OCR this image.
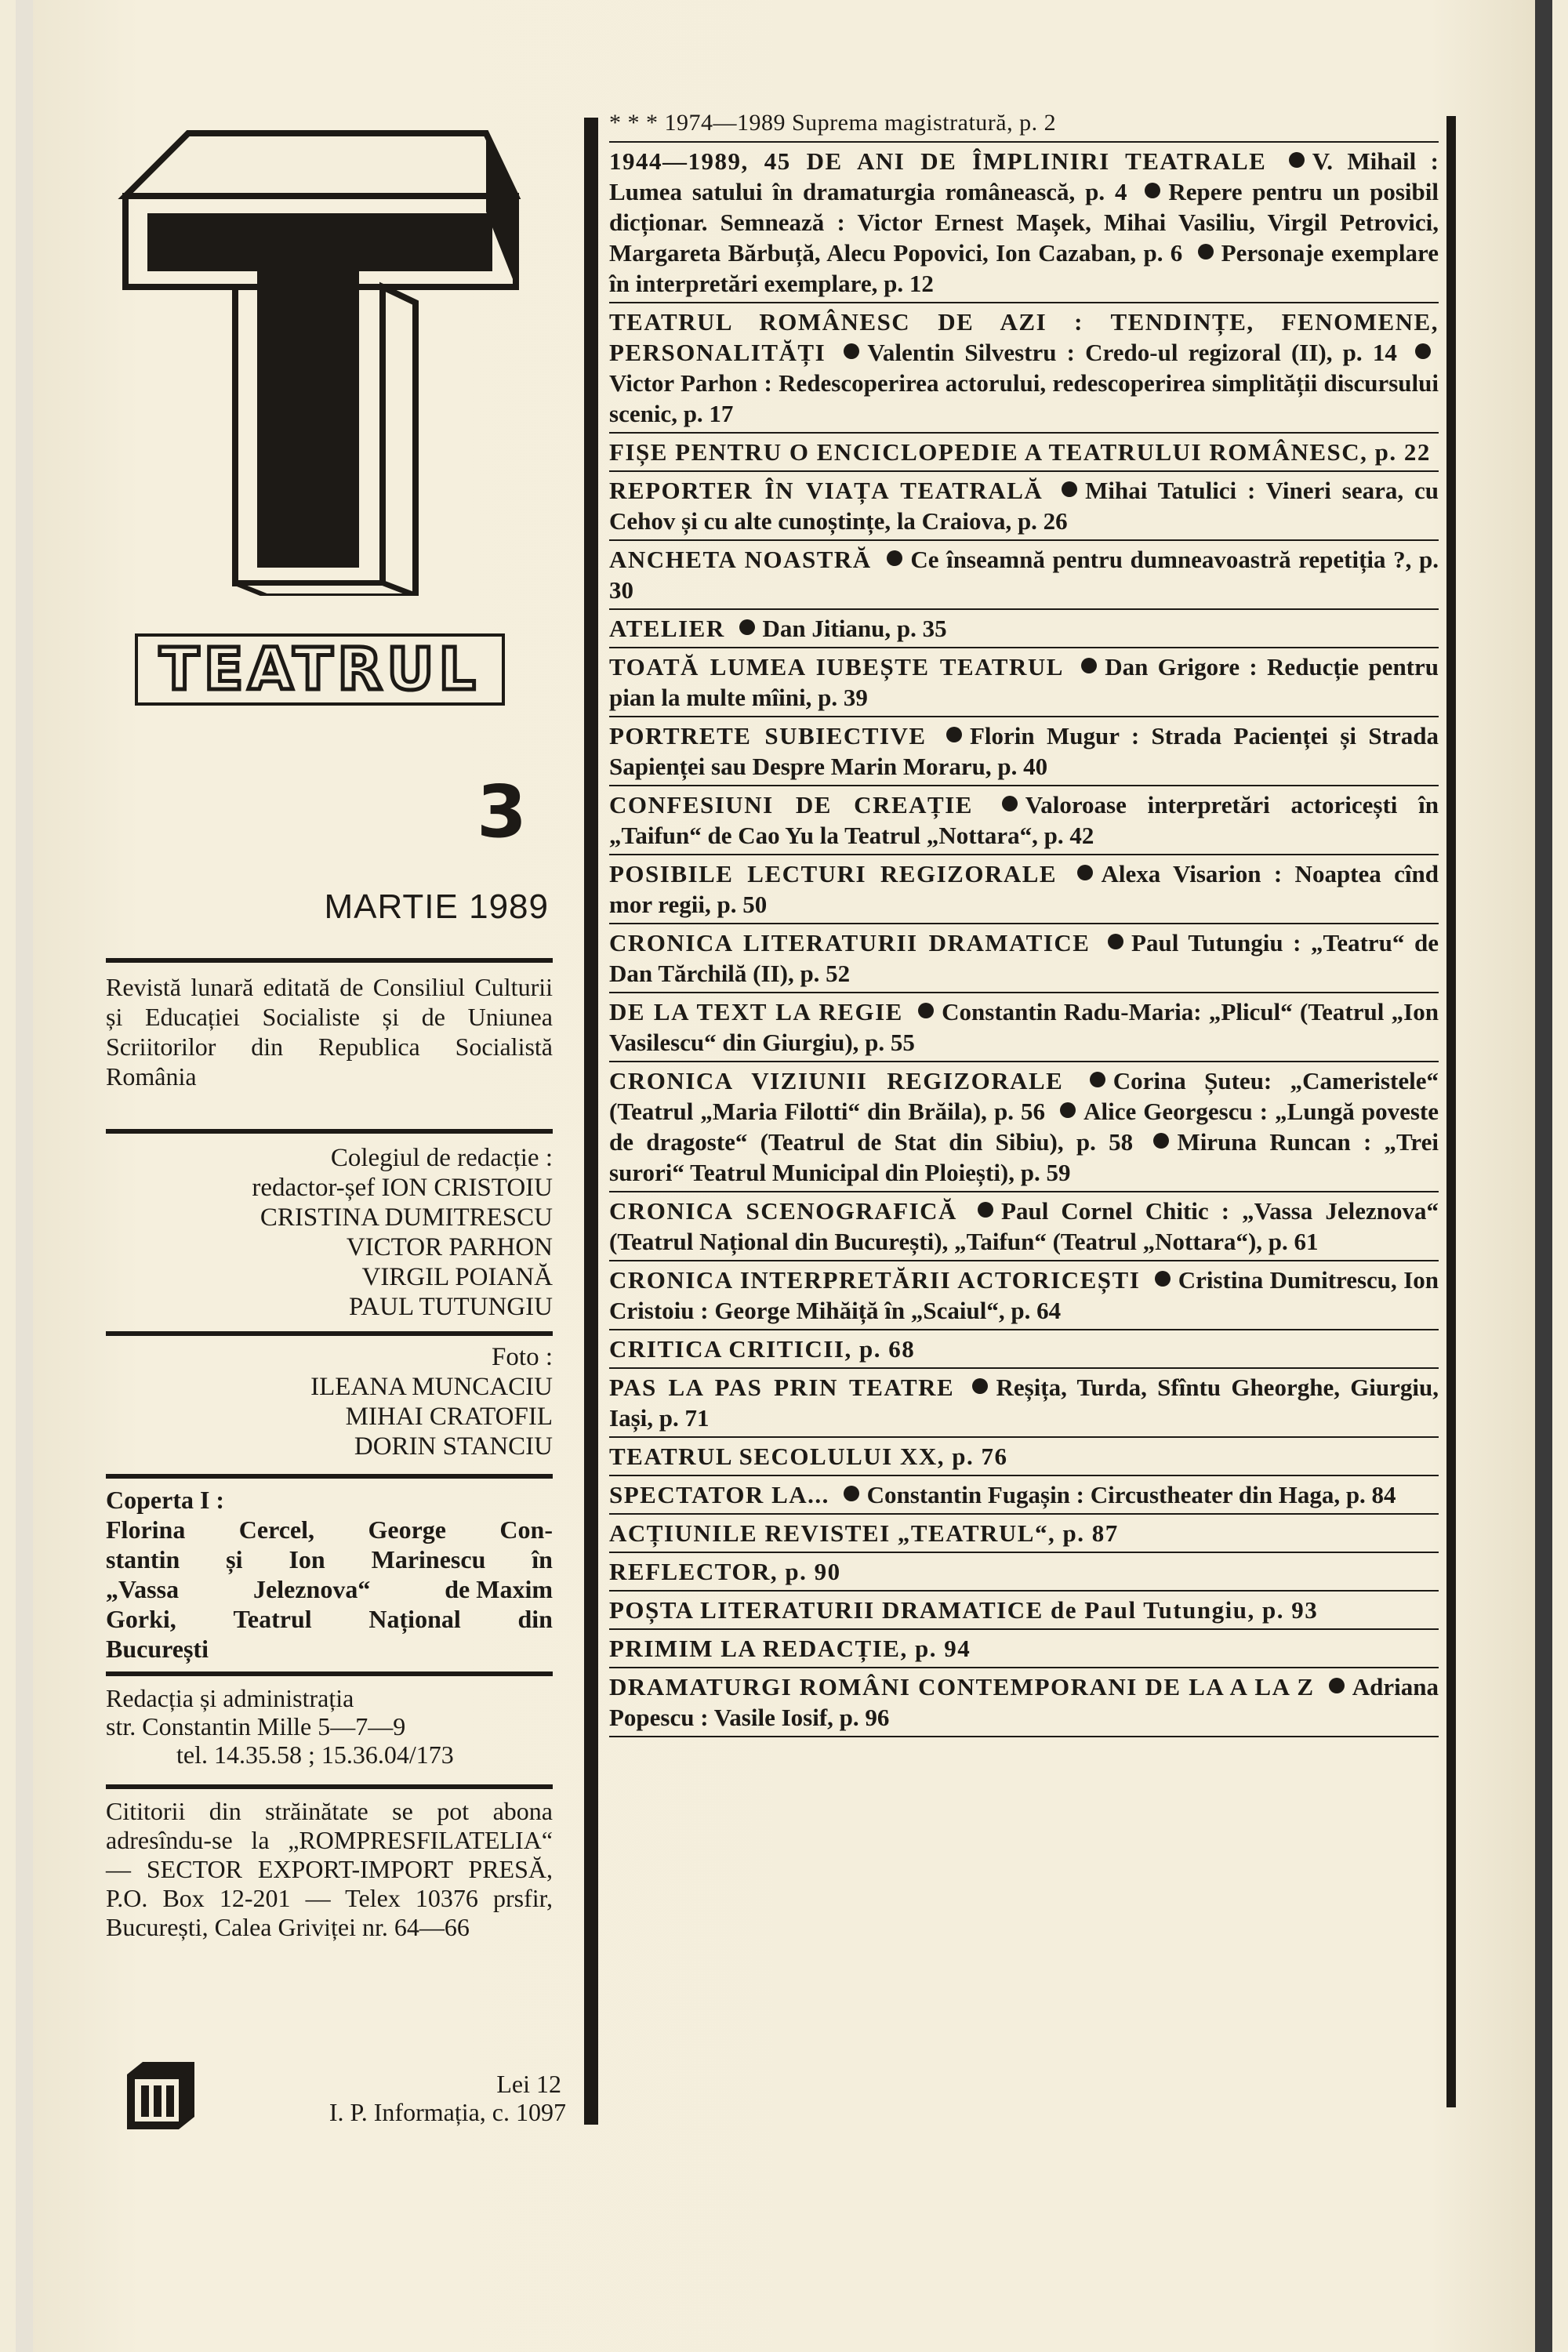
TEATRUL
3
MARTIE 1989
Revistă lunară editată de Consiliul Culturii și Educației Socialiste și de Uniunea Scriitorilor din Republica Socialistă România
Colegiul de redacție :
redactor-șef ION CRISTOIU
CRISTINA DUMITRESCU
VICTOR PARHON
VIRGIL POIANĂ
PAUL TUTUNGIU
Foto :
ILEANA MUNCACIU
MIHAI CRATOFIL
DORIN STANCIU
Coperta I :
Florina Cercel, George Con-
stantin și Ion Marinescu în
„Vassa	Jeleznova“	de Maxim
Gorki, Teatrul Național din
București
Redacția și administrația
str. Constantin Mille 5—7—9
tel. 14.35.58 ; 15.36.04/173
Cititorii din străinătate se pot abona adresîndu-se la „ROMPRESFILATELIA“ — SECTOR EXPORT-IMPORT PRESĂ, P.O. Box 12-201 — Telex 10376 prsfir, București, Calea Griviței nr. 64—66
Lei 12
I. P. Informația, c. 1097
* * * 1974—1989 Suprema magistratură, p. 2
1944—1989, 45 DE ANI DE ÎMPLINIRI TEATRALE V. Mihail : Lumea satului în dramaturgia românească, p. 4 Repere pentru un posibil dicționar. Semnează : Victor Ernest Mașek, Mihai Vasiliu, Virgil Petrovici, Margareta Bărbuță, Alecu Popovici, Ion Cazaban, p. 6 Personaje exemplare în interpretări exemplare, p. 12
TEATRUL ROMÂNESC DE AZI : TENDINȚE, FENOMENE, PERSONALITĂȚI Valentin Silvestru : Credo-ul regizoral (II), p. 14 Victor Parhon : Redescoperirea actorului, redescoperirea simplității discursului scenic, p. 17
FIȘE PENTRU O ENCICLOPEDIE A TEATRULUI ROMÂNESC, p. 22
REPORTER ÎN VIAȚA TEATRALĂ Mihai Tatulici : Vineri seara, cu Cehov și cu alte cunoștințe, la Craiova, p. 26
ANCHETA NOASTRĂ Ce înseamnă pentru dumneavoastră repetiția ?, p. 30
ATELIER Dan Jitianu, p. 35
TOATĂ LUMEA IUBEȘTE TEATRUL Dan Grigore : Reducție pentru pian la multe mîini, p. 39
PORTRETE SUBIECTIVE Florin Mugur : Strada Pacienței și Strada Sapienței sau Despre Marin Moraru, p. 40
CONFESIUNI DE CREAȚIE Valoroase interpretări actoricești în „Taifun“ de Cao Yu la Teatrul „Nottara“, p. 42
POSIBILE LECTURI REGIZORALE Alexa Visarion : Noaptea cînd mor regii, p. 50
CRONICA LITERATURII DRAMATICE Paul Tutungiu : „Teatru“ de Dan Tărchilă (II), p. 52
DE LA TEXT LA REGIE Constantin Radu-Maria: „Plicul“ (Teatrul „Ion Vasilescu“ din Giurgiu), p. 55
CRONICA VIZIUNII REGIZORALE Corina Șuteu: „Cameristele“ (Teatrul „Maria Filotti“ din Brăila), p. 56 Alice Georgescu : „Lungă poveste de dragoste“ (Teatrul de Stat din Sibiu), p. 58 Miruna Runcan : „Trei surori“ Teatrul Municipal din Ploiești), p. 59
CRONICA SCENOGRAFICĂ Paul Cornel Chitic : „Vassa Jeleznova“ (Teatrul Național din București), „Taifun“ (Teatrul „Nottara“), p. 61
CRONICA INTERPRETĂRII ACTORICEȘTI Cristina Dumitrescu, Ion Cristoiu : George Mihăiță în „Scaiul“, p. 64
CRITICA CRITICII, p. 68
PAS LA PAS PRIN TEATRE Reșița, Turda, Sfîntu Gheorghe, Giurgiu, Iași, p. 71
TEATRUL SECOLULUI XX, p. 76
SPECTATOR LA... Constantin Fugașin : Circustheater din Haga, p. 84
ACȚIUNILE REVISTEI „TEATRUL“, p. 87
REFLECTOR, p. 90
POȘTA LITERATURII DRAMATICE de Paul Tutungiu, p. 93
PRIMIM LA REDACȚIE, p. 94
DRAMATURGI ROMÂNI CONTEMPORANI DE LA A LA Z Adriana Popescu : Vasile Iosif, p. 96
